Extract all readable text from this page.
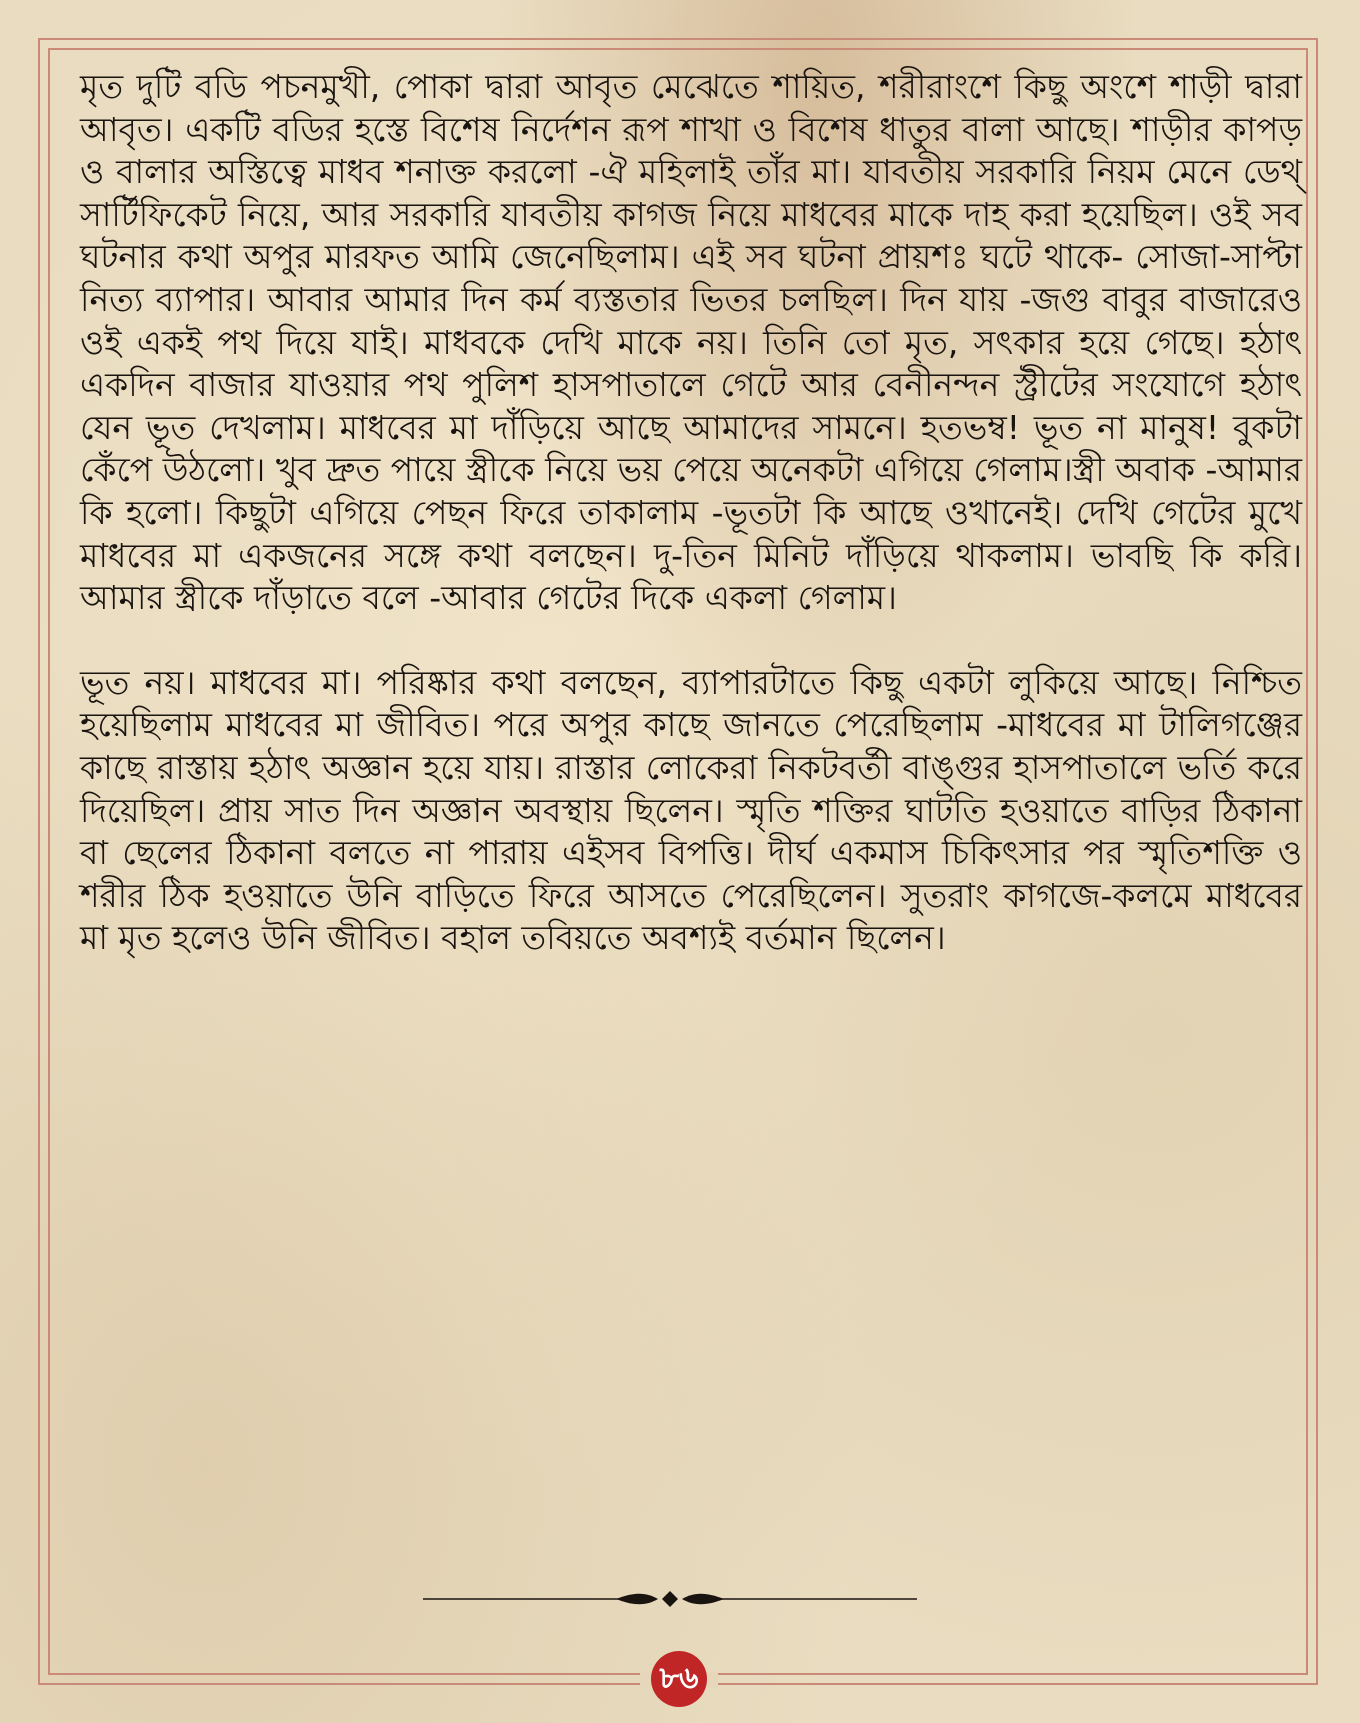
মৃত দুটি বডি পচনমুখী, পোকা দ্বারা আবৃত মেঝেতে শায়িত, শরীরাংশে কিছু অংশে শাড়ী দ্বারা আবৃত। একটি বডির হস্তে বিশেষ নির্দেশন রূপ শাখা ও বিশেষ ধাতুর বালা আছে। শাড়ীর কাপড় ও বালার অস্তিত্বে মাধব শনাক্ত করলো -ঐ মহিলাই তাঁর মা। যাবতীয় সরকারি নিয়ম মেনে ডেথ্ সার্টিফিকেট নিয়ে, আর সরকারি যাবতীয় কাগজ নিয়ে মাধবের মাকে দাহ করা হয়েছিল। ওই সব ঘটনার কথা অপুর মারফত আমি জেনেছিলাম। এই সব ঘটনা প্রায়শঃ ঘটে থাকে- সোজা-সাপ্টা নিত্য ব্যাপার। আবার আমার দিন কর্ম ব্যস্ততার ভিতর চলছিল। দিন যায় -জগু বাবুর বাজারেও ওই একই পথ দিয়ে যাই। মাধবকে দেখি মাকে নয়। তিনি তো মৃত, সৎকার হয়ে গেছে। হঠাৎ একদিন বাজার যাওয়ার পথ পুলিশ হাসপাতালে গেটে আর বেনীনন্দন স্ট্রীটের সংযোগে হঠাৎ যেন ভূত দেখলাম। মাধবের মা দাঁড়িয়ে আছে আমাদের সামনে। হতভম্ব! ভূত না মানুষ! বুকটা কেঁপে উঠলো। খুব দ্রুত পায়ে স্ত্রীকে নিয়ে ভয় পেয়ে অনেকটা এগিয়ে গেলাম।স্ত্রী অবাক -আমার কি হলো। কিছুটা এগিয়ে পেছন ফিরে তাকালাম -ভূতটা কি আছে ওখানেই। দেখি গেটের মুখে মাধবের মা একজনের সঙ্গে কথা বলছেন। দু-তিন মিনিট দাঁড়িয়ে থাকলাম। ভাবছি কি করি। আমার স্ত্রীকে দাঁড়াতে বলে -আবার গেটের দিকে একলা গেলাম।

ভূত নয়। মাধবের মা। পরিষ্কার কথা বলছেন, ব্যাপারটাতে কিছু একটা লুকিয়ে আছে। নিশ্চিত হয়েছিলাম মাধবের মা জীবিত। পরে অপুর কাছে জানতে পেরেছিলাম -মাধবের মা টালিগঞ্জের কাছে রাস্তায় হঠাৎ অজ্ঞান হয়ে যায়। রাস্তার লোকেরা নিকটবর্তী বাঙ্গুর হাসপাতালে ভর্তি করে দিয়েছিল। প্রায় সাত দিন অজ্ঞান অবস্থায় ছিলেন। স্মৃতি শক্তির ঘাটতি হওয়াতে বাড়ির ঠিকানা বা ছেলের ঠিকানা বলতে না পারায় এইসব বিপত্তি। দীর্ঘ একমাস চিকিৎসার পর স্মৃতিশক্তি ও শরীর ঠিক হওয়াতে উনি বাড়িতে ফিরে আসতে পেরেছিলেন। সুতরাং কাগজে-কলমে মাধবের মা মৃত হলেও উনি জীবিত। বহাল তবিয়তে অবশ্যই বর্তমান ছিলেন।

৮৬
